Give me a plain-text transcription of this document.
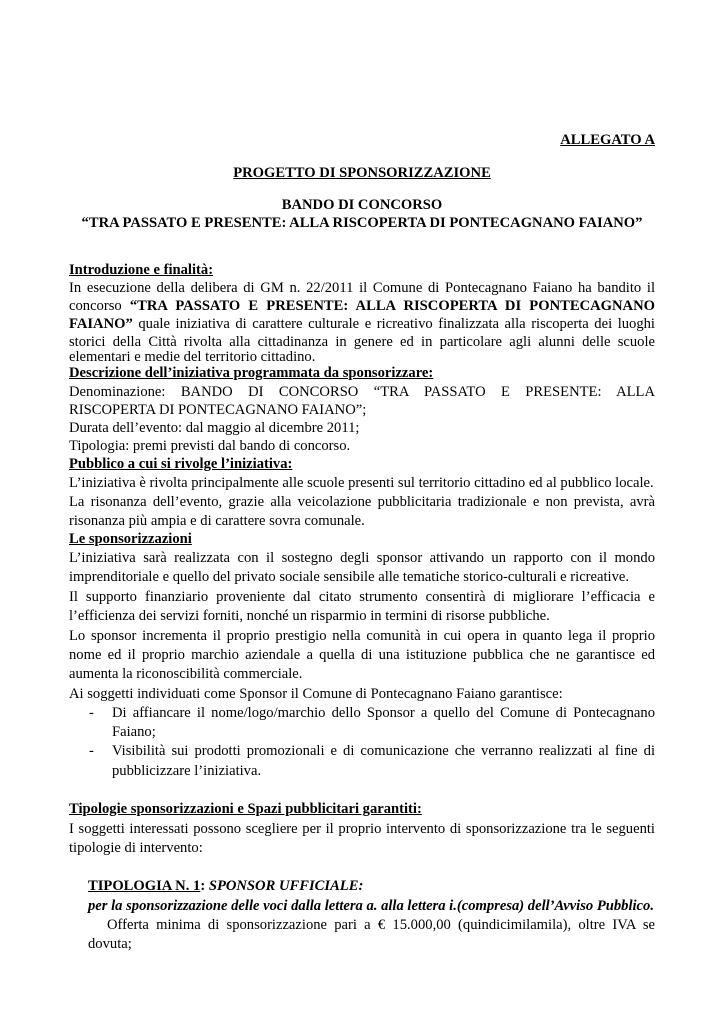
ALLEGATO A
PROGETTO DI SPONSORIZZAZIONE
BANDO DI CONCORSO
“TRA PASSATO E PRESENTE: ALLA RISCOPERTA DI PONTECAGNANO FAIANO”
Introduzione e finalità:
In esecuzione della delibera di GM n. 22/2011 il Comune di Pontecagnano Faiano ha bandito il
concorso “TRA PASSATO E PRESENTE: ALLA RISCOPERTA DI PONTECAGNANO
FAIANO” quale iniziativa di carattere culturale e ricreativo finalizzata alla riscoperta dei luoghi
storici della Città rivolta alla cittadinanza in genere ed in particolare agli alunni delle scuole
elementari e medie del territorio cittadino.
Descrizione dell’iniziativa programmata da sponsorizzare:
Denominazione: BANDO DI CONCORSO “TRA PASSATO E PRESENTE: ALLA
RISCOPERTA DI PONTECAGNANO FAIANO”;
Durata dell’evento: dal maggio al dicembre 2011;
Tipologia: premi previsti dal bando di concorso.
Pubblico a cui si rivolge l’iniziativa:
L’iniziativa è rivolta principalmente alle scuole presenti sul territorio cittadino ed al pubblico locale.
La risonanza dell’evento, grazie alla veicolazione pubblicitaria tradizionale e non prevista, avrà
risonanza più ampia e di carattere sovra comunale.
Le sponsorizzazioni
L’iniziativa sarà realizzata con il sostegno degli sponsor attivando un rapporto con il mondo
imprenditoriale e quello del privato sociale sensibile alle tematiche storico-culturali e ricreative.
Il supporto finanziario proveniente dal citato strumento consentirà di migliorare l’efficacia e
l’efficienza dei servizi forniti, nonché un risparmio in termini di risorse pubbliche.
Lo sponsor incrementa il proprio prestigio nella comunità in cui opera in quanto lega il proprio
nome ed il proprio marchio aziendale a quella di una istituzione pubblica che ne garantisce ed
aumenta la riconoscibilità commerciale.
Ai soggetti individuati come Sponsor il Comune di Pontecagnano Faiano garantisce:
-	Di affiancare il nome/logo/marchio dello Sponsor a quello del Comune di Pontecagnano
Faiano;
-	Visibilità sui prodotti promozionali e di comunicazione che verranno realizzati al fine di
pubblicizzare l’iniziativa.
Tipologie sponsorizzazioni e Spazi pubblicitari garantiti:
I soggetti interessati possono scegliere per il proprio intervento di sponsorizzazione tra le seguenti
tipologie di intervento:
TIPOLOGIA N. 1: SPONSOR UFFICIALE:
per la sponsorizzazione delle voci dalla lettera a. alla lettera i.(compresa) dell’Avviso Pubblico.
Offerta minima di sponsorizzazione pari a € 15.000,00 (quindicimilamila), oltre IVA se
dovuta;
